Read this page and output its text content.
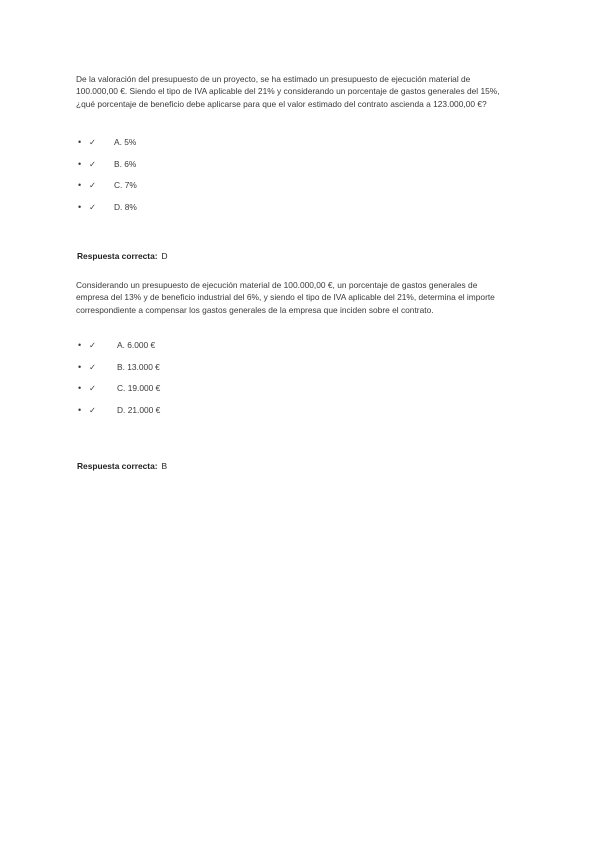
De la valoración del presupuesto de un proyecto, se ha estimado un presupuesto de ejecución material de 100.000,00 €. Siendo el tipo de IVA aplicable del 21% y considerando un porcentaje de gastos generales del 15%, ¿qué porcentaje de beneficio debe aplicarse para que el valor estimado del contrato ascienda a 123.000,00 €?

• ✓ A. 5%
• ✓ B. 6%
• ✓ C. 7%
• ✓ D. 8%

Respuesta correcta: D

Considerando un presupuesto de ejecución material de 100.000,00 €, un porcentaje de gastos generales de empresa del 13% y de beneficio industrial del 6%, y siendo el tipo de IVA aplicable del 21%, determina el importe correspondiente a compensar los gastos generales de la empresa que inciden sobre el contrato.

• ✓ A. 6.000 €
• ✓ B. 13.000 €
• ✓ C. 19.000 €
• ✓ D. 21.000 €

Respuesta correcta: B
